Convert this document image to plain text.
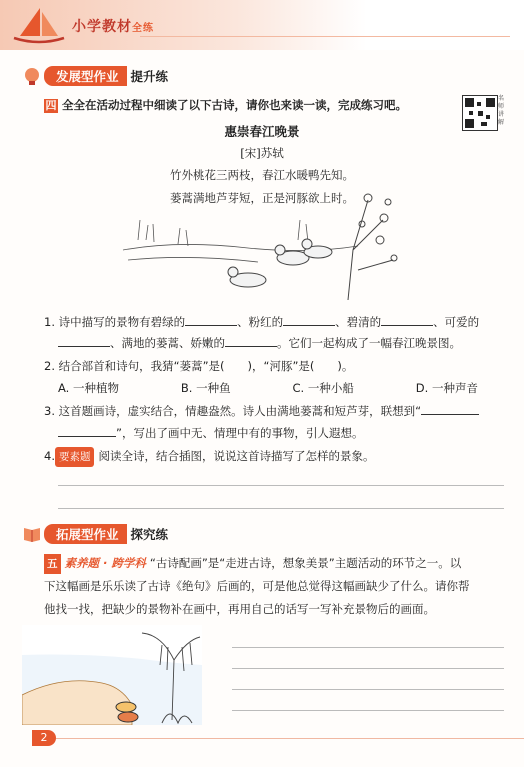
小学教材全练
发展型作业 提升练
四 全全在活动过程中细读了以下古诗，请你也来读一读，完成练习吧。	名师讲解
惠崇春江晚景
[宋]苏轼
竹外桃花三两枝，春江水暖鸭先知。
蒌蒿满地芦芽短，正是河豚欲上时。
1. 诗中描写的景物有碧绿的	、粉红的	、碧清的	、可爱的
、满地的蒌蒿、娇嫩的	。它们一起构成了一幅春江晚景图。
2. 结合部首和诗句，我猜“蒌蒿”是(　　)，“河豚”是(　　)。
A. 一种植物	B. 一种鱼	C. 一种小船	D. 一种声音
3. 这首题画诗，虚实结合，情趣盎然。诗人由满地蒌蒿和短芦芽，联想到“
”，写出了画中无、情理中有的事物，引人遐想。
4. 要素题 阅读全诗，结合插图，说说这首诗描写了怎样的景象。
拓展型作业 探究练
五 素养题 · 跨学科 “古诗配画”是“走进古诗，想象美景”主题活动的环节之一。以
下这幅画是乐乐读了古诗《绝句》后画的，可是他总觉得这幅画缺少了什么。请你帮
他找一找，把缺少的景物补在画中，再用自己的话写一写补充景物后的画面。
2
